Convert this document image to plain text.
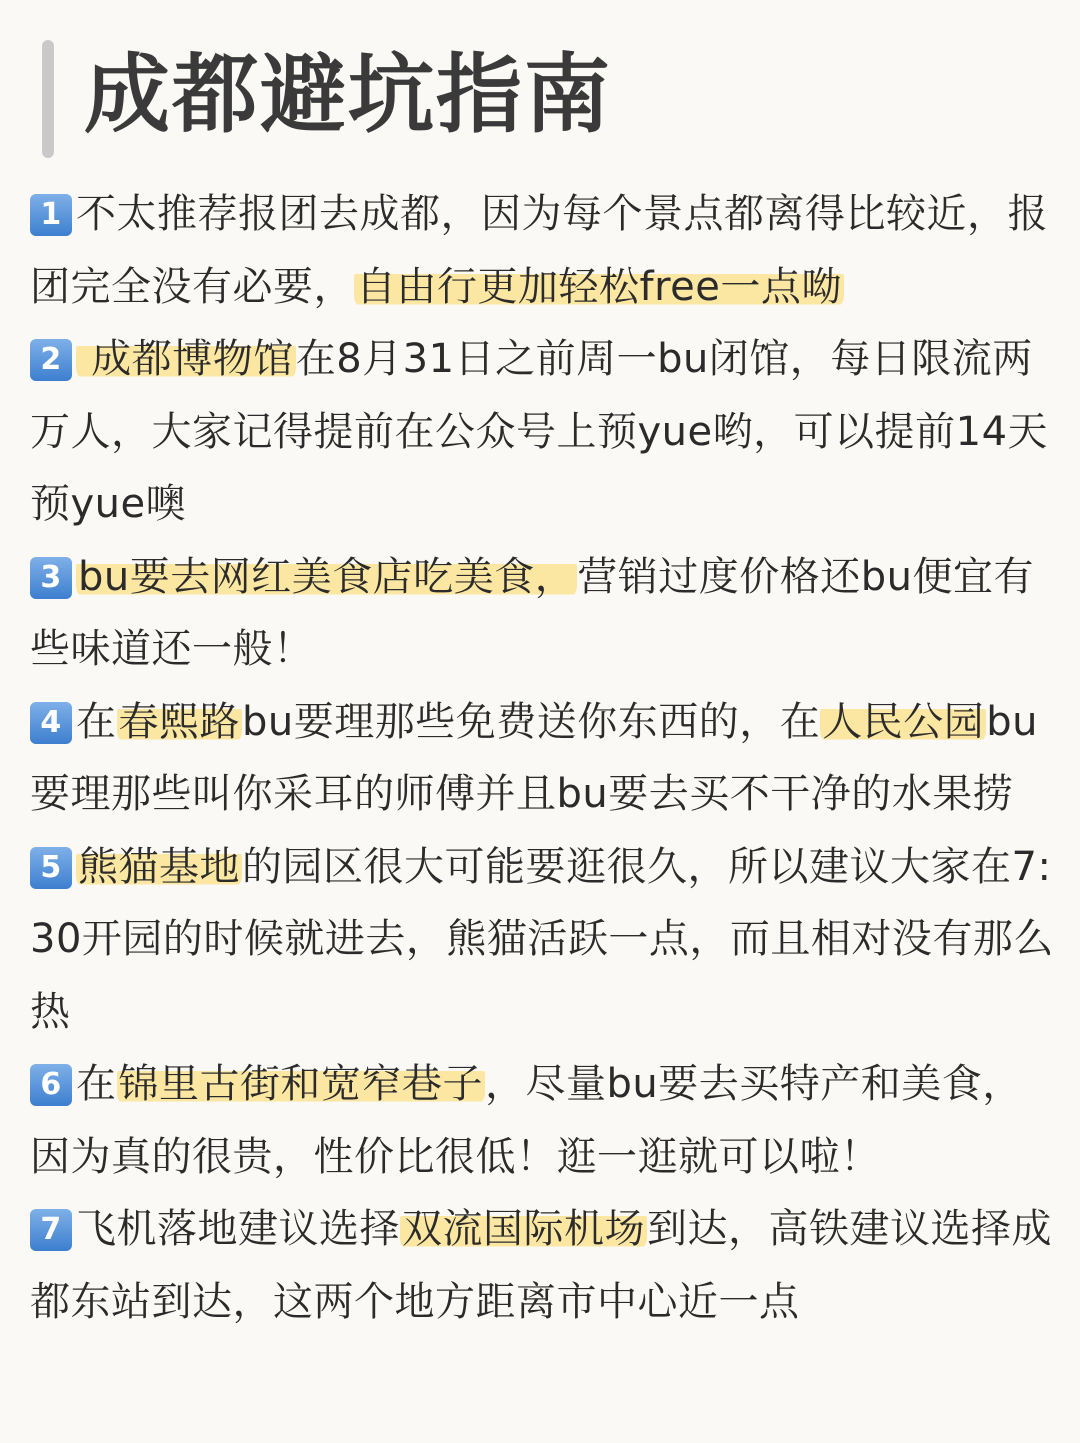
成都避坑指南
1 不太推荐报团去成都，因为每个景点都离得比较近，报团完全没有必要，自由行更加轻松free一点呦
2 成都博物馆在8月31日之前周一bu闭馆，每日限流两万人，大家记得提前在公众号上预yue哟，可以提前14天预yue噢
3 bu要去网红美食店吃美食，营销过度价格还bu便宜有些味道还一般！
4 在春熙路bu要理那些免费送你东西的，在人民公园bu要理那些叫你采耳的师傅并且bu要去买不干净的水果捞
5 熊猫基地的园区很大可能要逛很久，所以建议大家在7:30开园的时候就进去，熊猫活跃一点，而且相对没有那么热
6 在锦里古街和宽窄巷子，尽量bu要去买特产和美食，因为真的很贵，性价比很低！逛一逛就可以啦！
7 飞机落地建议选择双流国际机场到达，高铁建议选择成都东站到达，这两个地方距离市中心近一点
